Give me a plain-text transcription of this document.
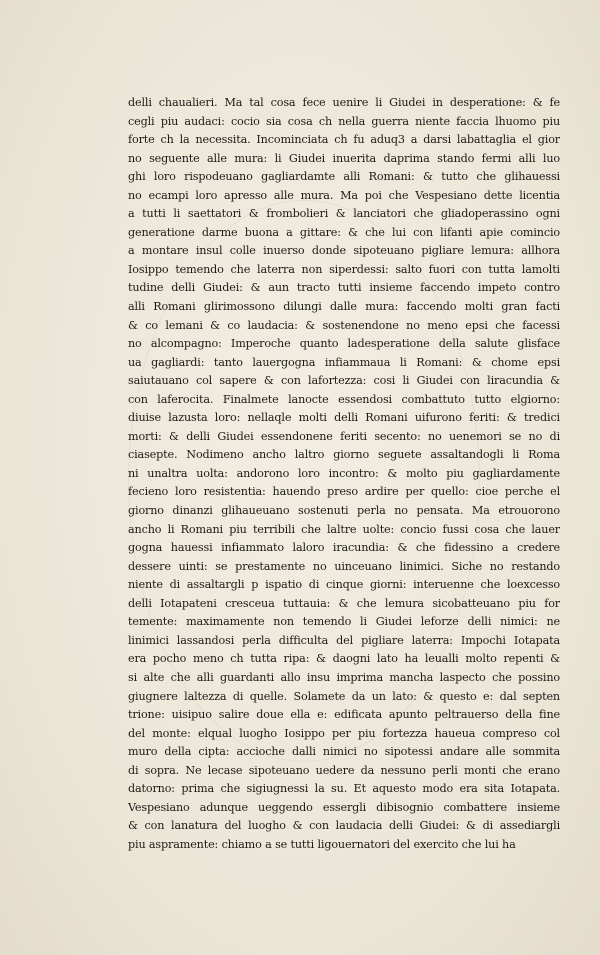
delli chaualieri. Ma tal cosa fece uenire li Giudei in desperatione: & fe
cegli piu audaci: cocio sia cosa ch nella guerra niente faccia lhuomo piu
forte ch la necessita. Incominciata ch fu aduq3 a darsi labattaglia el gior
no seguente alle mura: li Giudei inuerita daprima stando fermi alli luo
ghi loro rispodeuano gagliardamte alli Romani: & tutto che glihauessi
no ecampi loro apresso alle mura. Ma poi che Vespesiano dette licentia
a tutti li saettatori & frombolieri & lanciatori che gliadoperassino ogni
generatione darme buona a gittare: & che lui con lifanti apie comincio
a montare insul colle inuerso donde sipoteuano pigliare lemura: allhora
Iosippo temendo che laterra non siperdessi: salto fuori con tutta lamolti
tudine delli Giudei: & aun tracto tutti insieme faccendo impeto contro
alli Romani glirimossono dilungi dalle mura: faccendo molti gran facti
& co lemani & co laudacia: & sostenendone no meno epsi che facessi
no alcompagno: Imperoche quanto ladesperatione della salute glisface
ua gagliardi: tanto lauergogna infiammaua li Romani: & chome epsi
saiutauano col sapere & con lafortezza: cosi li Giudei con liracundia &
con laferocita. Finalmete lanocte essendosi combattuto tutto elgiorno:
diuise lazusta loro: nellaqle molti delli Romani uifurono feriti: & tredici
morti: & delli Giudei essendonene feriti secento: no uenemori se no di
ciasepte. Nodimeno ancho laltro giorno seguete assaltandogli li Roma
ni unaltra uolta: andorono loro incontro: & molto piu gagliardamente
fecieno loro resistentia: hauendo preso ardire per quello: cioe perche el
giorno dinanzi glihaueuano sostenuti perla no pensata. Ma etrouorono
ancho li Romani piu terribili che laltre uolte: concio fussi cosa che lauer
gogna hauessi infiammato laloro iracundia: & che fidessino a credere
dessere uinti: se prestamente no uinceuano linimici. Siche no restando
niente di assaltargli p ispatio di cinque giorni: interuenne che loexcesso
delli Iotapateni cresceua tuttauia: & che lemura sicobatteuano piu for
temente: maximamente non temendo li Giudei leforze delli nimici: ne
linimici lassandosi perla difficulta del pigliare laterra: Impochi Iotapata
era pocho meno ch tutta ripa: & daogni lato ha leualli molto repenti &
si alte che alli guardanti allo insu imprima mancha laspecto che possino
giugnere laltezza di quelle. Solamete da un lato: & questo e: dal septen
trione: uisipuo salire doue ella e: edificata apunto peltrauerso della fine
del monte: elqual luogho Iosippo per piu fortezza haueua compreso col
muro della cipta: accioche dalli nimici no sipotessi andare alle sommita
di sopra. Ne lecase sipoteuano uedere da nessuno perli monti che erano
datorno: prima che sigiugnessi la su. Et aquesto modo era sita Iotapata.
Vespesiano adunque ueggendo essergli dibisognio combattere insieme
& con lanatura del luogho & con laudacia delli Giudei: & di assediargli
piu aspramente: chiamo a se tutti ligouernatori del exercito che lui ha
